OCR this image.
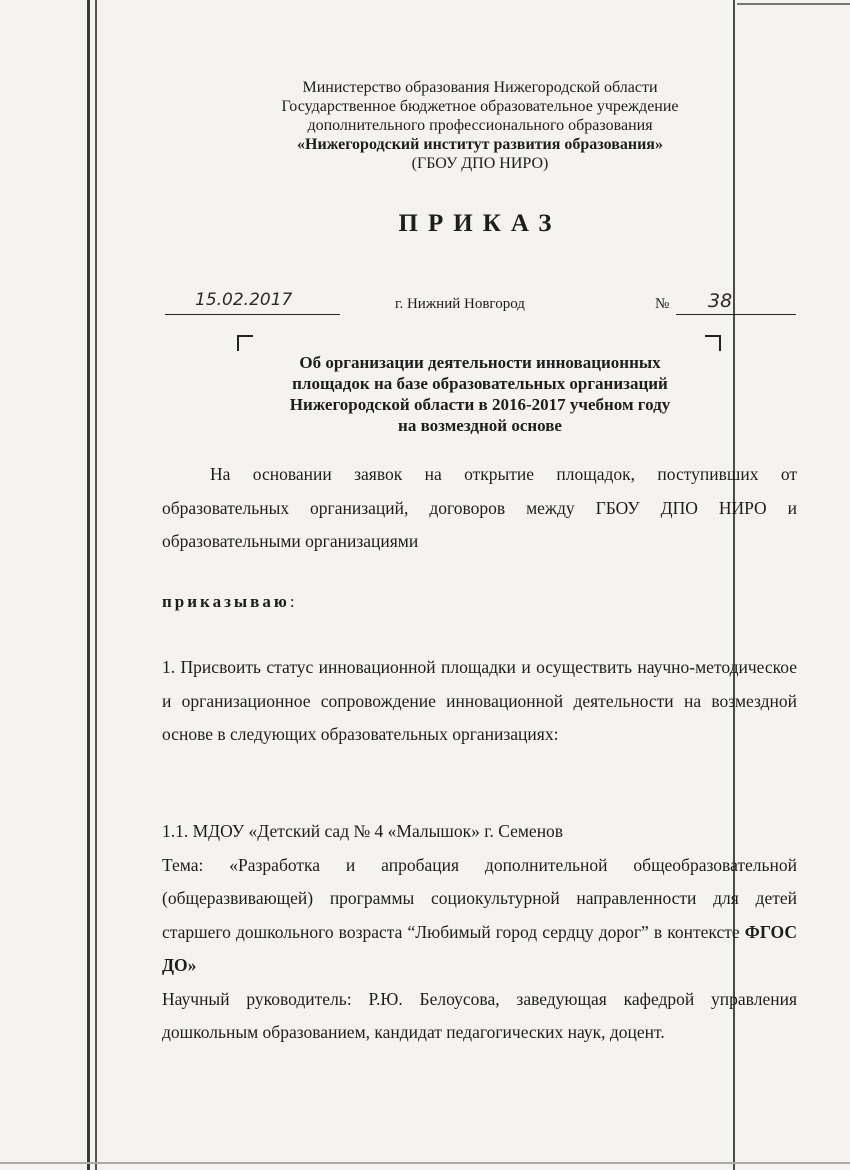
Министерство образования Нижегородской области
Государственное бюджетное образовательное учреждение
дополнительного профессионального образования
«Нижегородский институт развития образования»
(ГБОУ ДПО НИРО)
ПРИКАЗ
15.02.2017	г. Нижний Новгород	№ 38
Об организации деятельности инновационных
площадок на базе образовательных организаций
Нижегородской области в 2016-2017 учебном году
на возмездной основе
На основании заявок на открытие площадок, поступивших от образовательных организаций, договоров между ГБОУ ДПО НИРО и образовательными организациями
приказываю:
1. Присвоить статус инновационной площадки и осуществить научно-методическое и организационное сопровождение инновационной деятельности на возмездной основе в следующих образовательных организациях:
1.1. МДОУ «Детский сад № 4 «Малышок» г. Семенов
Тема: «Разработка и апробация дополнительной общеобразовательной (общеразвивающей) программы социокультурной направленности для детей старшего дошкольного возраста “Любимый город сердцу дорог” в контексте ФГОС ДО»
Научный руководитель: Р.Ю. Белоусова, заведующая кафедрой управления дошкольным образованием, кандидат педагогических наук, доцент.
